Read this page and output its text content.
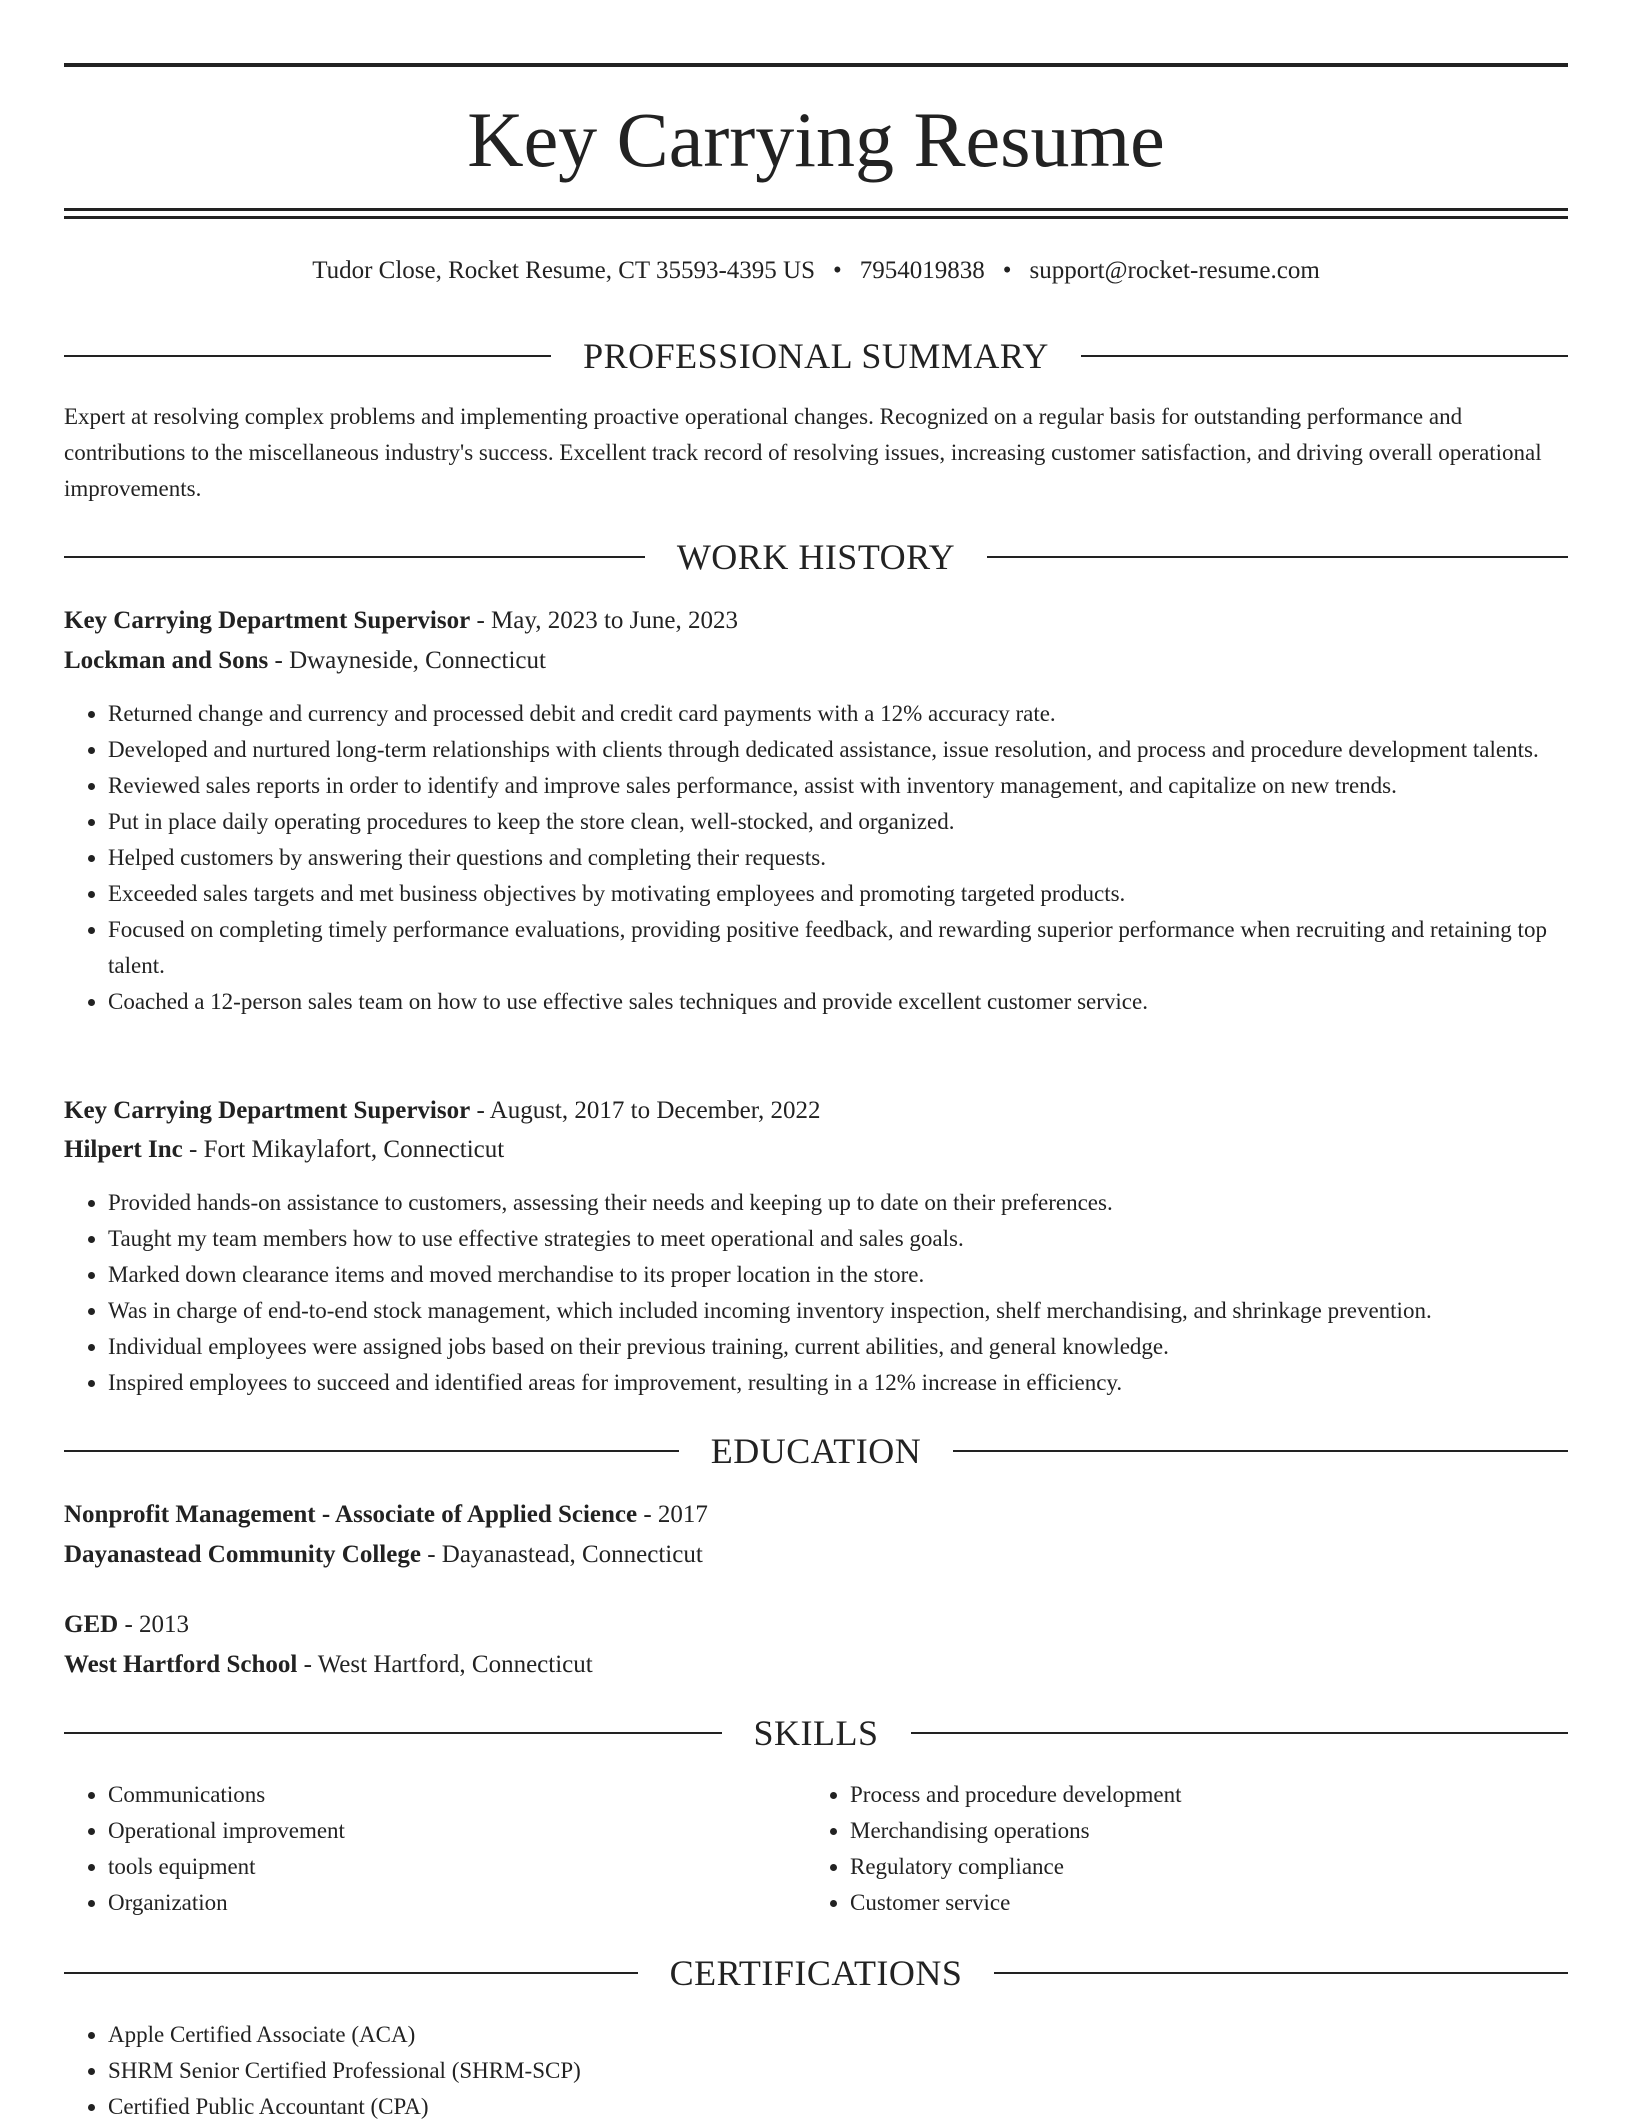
Key Carrying Resume
Tudor Close, Rocket Resume, CT 35593-4395 US • 7954019838 • support@rocket-resume.com
PROFESSIONAL SUMMARY
Expert at resolving complex problems and implementing proactive operational changes. Recognized on a regular basis for outstanding performance and contributions to the miscellaneous industry's success. Excellent track record of resolving issues, increasing customer satisfaction, and driving overall operational improvements.
WORK HISTORY
Key Carrying Department Supervisor - May, 2023 to June, 2023
Lockman and Sons - Dwayneside, Connecticut
• Returned change and currency and processed debit and credit card payments with a 12% accuracy rate.
• Developed and nurtured long-term relationships with clients through dedicated assistance, issue resolution, and process and procedure development talents.
• Reviewed sales reports in order to identify and improve sales performance, assist with inventory management, and capitalize on new trends.
• Put in place daily operating procedures to keep the store clean, well-stocked, and organized.
• Helped customers by answering their questions and completing their requests.
• Exceeded sales targets and met business objectives by motivating employees and promoting targeted products.
• Focused on completing timely performance evaluations, providing positive feedback, and rewarding superior performance when recruiting and retaining top talent.
• Coached a 12-person sales team on how to use effective sales techniques and provide excellent customer service.
Key Carrying Department Supervisor - August, 2017 to December, 2022
Hilpert Inc - Fort Mikaylafort, Connecticut
• Provided hands-on assistance to customers, assessing their needs and keeping up to date on their preferences.
• Taught my team members how to use effective strategies to meet operational and sales goals.
• Marked down clearance items and moved merchandise to its proper location in the store.
• Was in charge of end-to-end stock management, which included incoming inventory inspection, shelf merchandising, and shrinkage prevention.
• Individual employees were assigned jobs based on their previous training, current abilities, and general knowledge.
• Inspired employees to succeed and identified areas for improvement, resulting in a 12% increase in efficiency.
EDUCATION
Nonprofit Management - Associate of Applied Science - 2017
Dayanastead Community College - Dayanastead, Connecticut
GED - 2013
West Hartford School - West Hartford, Connecticut
SKILLS
• Communications
• Operational improvement
• tools equipment
• Organization
• Process and procedure development
• Merchandising operations
• Regulatory compliance
• Customer service
CERTIFICATIONS
• Apple Certified Associate (ACA)
• SHRM Senior Certified Professional (SHRM-SCP)
• Certified Public Accountant (CPA)
